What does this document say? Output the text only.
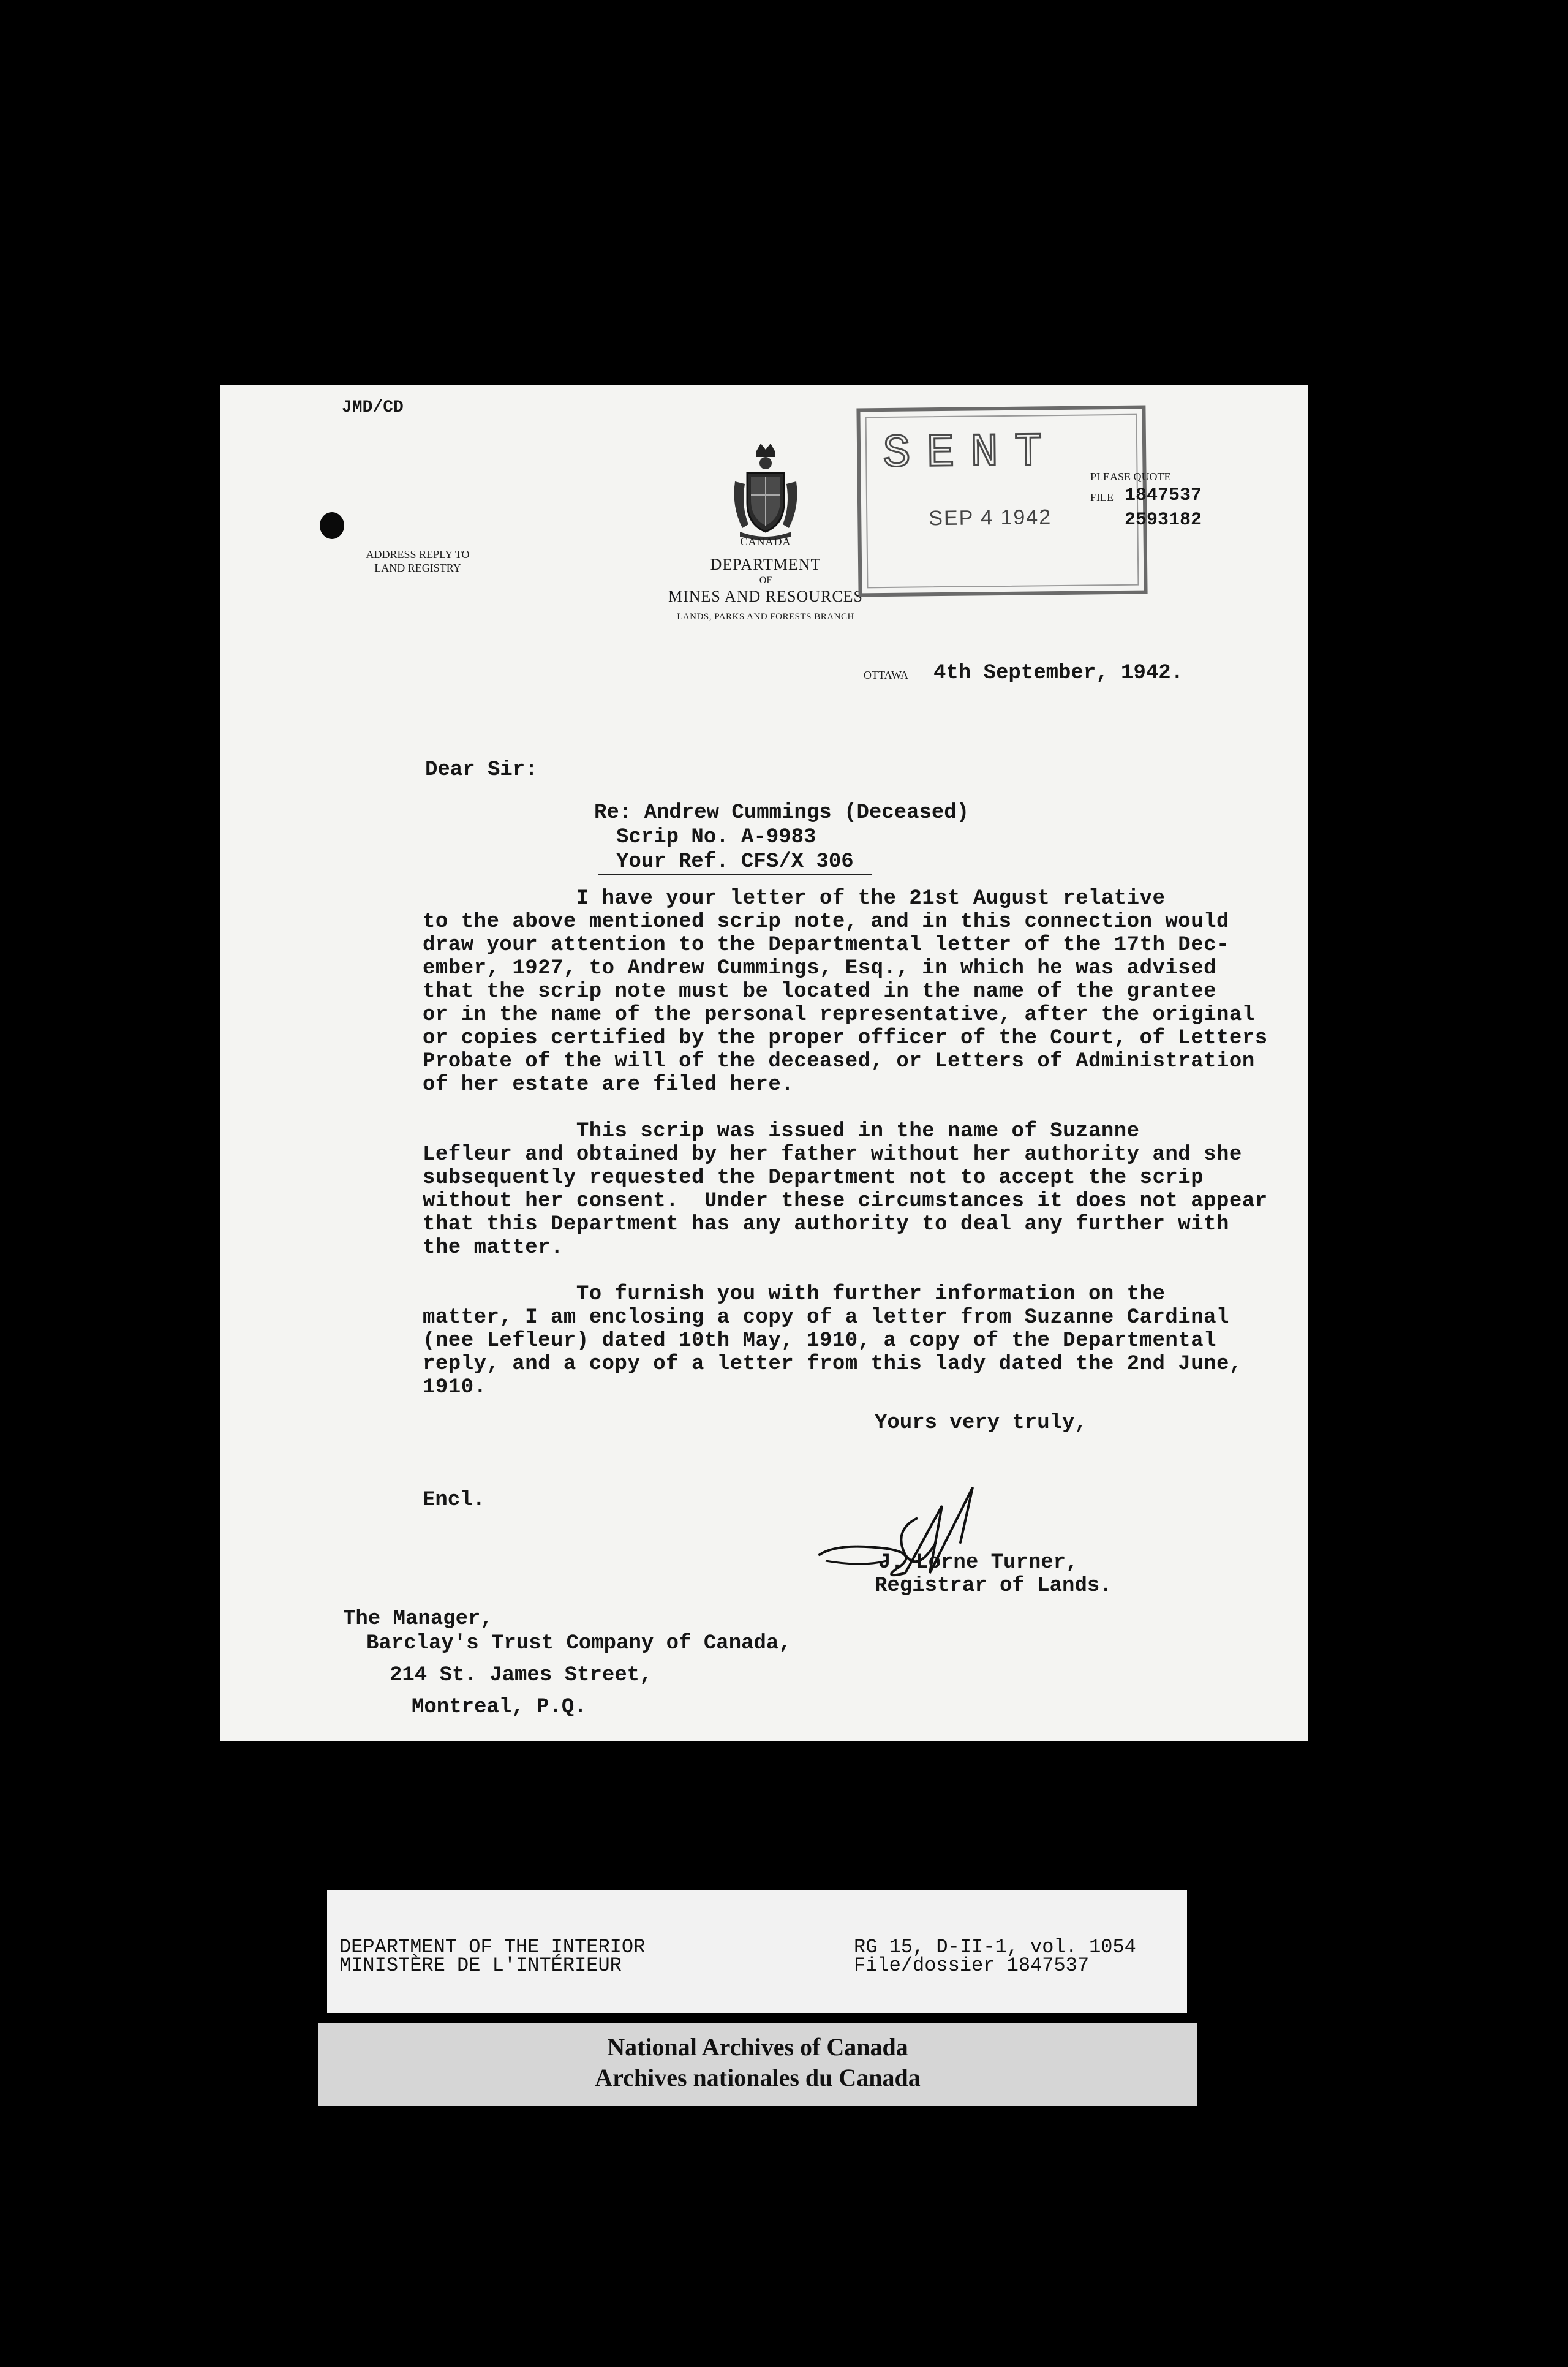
JMD/CD
ADDRESS REPLY TO
LAND REGISTRY
CANADA
DEPARTMENT
OF
MINES AND RESOURCES
LANDS, PARKS AND FORESTS BRANCH
SENT
SEP 4 1942
PLEASE QUOTE
FILE 1847537
2593182
OTTAWA 4th September, 1942.
Dear Sir:
Re: Andrew Cummings (Deceased)
Scrip No. A-9983
Your Ref. CFS/X 306
I have your letter of the 21st August relative
to the above mentioned scrip note, and in this connection would
draw your attention to the Departmental letter of the 17th Dec-
ember, 1927, to Andrew Cummings, Esq., in which he was advised
that the scrip note must be located in the name of the grantee
or in the name of the personal representative, after the original
or copies certified by the proper officer of the Court, of Letters
Probate of the will of the deceased, or Letters of Administration
of her estate are filed here.
This scrip was issued in the name of Suzanne
Lefleur and obtained by her father without her authority and she
subsequently requested the Department not to accept the scrip
without her consent.  Under these circumstances it does not appear
that this Department has any authority to deal any further with
the matter.
To furnish you with further information on the
matter, I am enclosing a copy of a letter from Suzanne Cardinal
(nee Lefleur) dated 10th May, 1910, a copy of the Departmental
reply, and a copy of a letter from this lady dated the 2nd June,
1910.
Yours very truly,
Encl.
J. Lorne Turner,
Registrar of Lands.
The Manager,
Barclay's Trust Company of Canada,
214 St. James Street,
Montreal, P.Q.
DEPARTMENT OF THE INTERIOR
MINISTÈRE DE L'INTÉRIEUR
RG 15, D-II-1, vol. 1054
File/dossier 1847537
National Archives of Canada
Archives nationales du Canada
